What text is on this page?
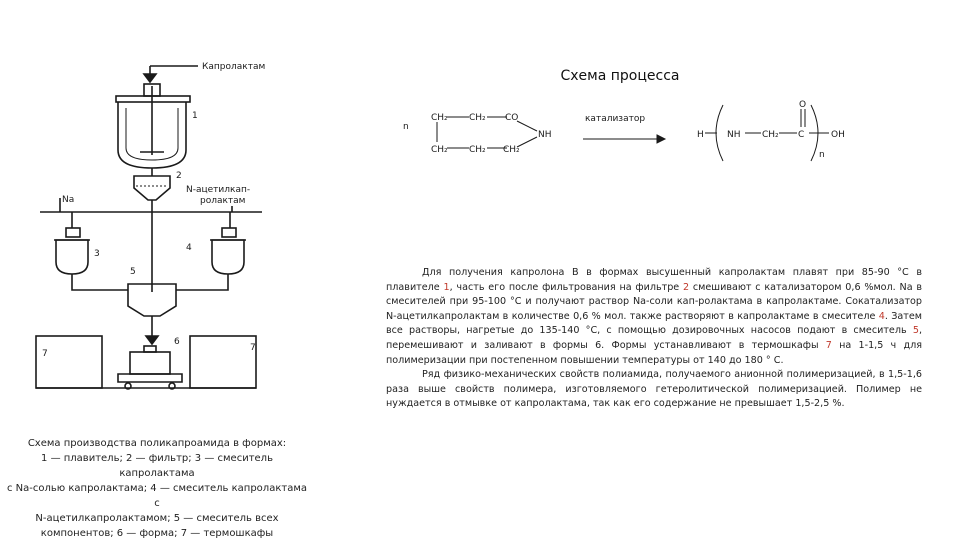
Капролактам
1
2
N-ацетилкап-
ролактам
Na
3
4
5
6
7
7
Схема процесса
n
CH₂ CH₂ CO
NH
CH₂ CH₂ CH₂
катализатор
H	NH CH₂ C
O
OH
n

Для получения капролона В в формах высушенный капролактам плавят при 85-90 °С в плавителе 1, часть его после фильтрования на фильтре 2 смешивают с катализатором 0,6 %мол. Na в смесителей при 95-100 °С и получают раствор Na-соли кап-ролактама в капролактаме. Сокатализатор N-ацетилкапролактам в количестве 0,6 % мол. также растворяют в капролактаме в смесителе 4. Затем все растворы, нагретые до 135-140 °С, с помощью дозировочных насосов подают в смеситель 5, перемешивают и заливают в формы 6. Формы устанавливают в термошкафы 7 на 1-1,5 ч для полимеризации при постепенном повышении температуры от 140 до 180 ° С.

Ряд физико-механических свойств полиамида, получаемого анионной полимеризацией, в 1,5-1,6 раза выше свойств полимера, изготовляемого гетеролитической полимеризацией. Полимер не нуждается в отмывке от капролактама, так как его содержание не превышает 1,5-2,5 %.

Схема производства поликапроамида в формах:
1 — плавитель; 2 — фильтр; 3 — смеситель капролактама
с Na-солью капролактама; 4 — смеситель капролактама с
N-ацетилкапролактамом; 5 — смеситель всех
компонентов; 6 — форма; 7 — термошкафы
